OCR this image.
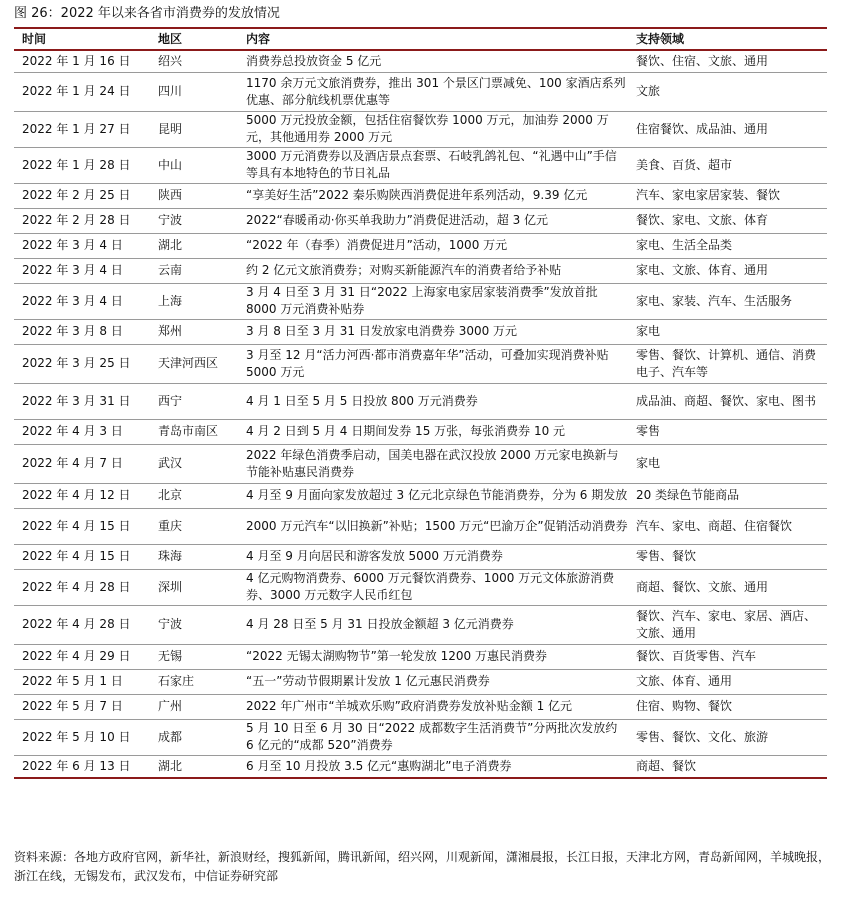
图 26：2022 年以来各省市消费券的发放情况
时间	地区	内容	支持领域
2022 年 1 月 16 日	绍兴	消费券总投放资金 5 亿元	餐饮、住宿、文旅、通用
2022 年 1 月 24 日	四川	1170 余万元文旅消费券，推出 301 个景区门票减免、100 家酒店系列优惠、部分航线机票优惠等	文旅
2022 年 1 月 27 日	昆明	5000 万元投放金额，包括住宿餐饮券 1000 万元，加油券 2000 万元，其他通用券 2000 万元	住宿餐饮、成品油、通用
2022 年 1 月 28 日	中山	3000 万元消费券以及酒店景点套票、石岐乳鸽礼包、“礼遇中山”手信等具有本地特色的节日礼品	美食、百货、超市
2022 年 2 月 25 日	陕西	“享美好生活”2022 秦乐购陕西消费促进年系列活动，9.39 亿元	汽车、家电家居家装、餐饮
2022 年 2 月 28 日	宁波	2022“春暖甬动·你买单我助力”消费促进活动，超 3 亿元	餐饮、家电、文旅、体育
2022 年 3 月 4 日	湖北	“2022 年（春季）消费促进月”活动，1000 万元	家电、生活全品类
2022 年 3 月 4 日	云南	约 2 亿元文旅消费券；对购买新能源汽车的消费者给予补贴	家电、文旅、体育、通用
2022 年 3 月 4 日	上海	3 月 4 日至 3 月 31 日“2022 上海家电家居家装消费季”发放首批 8000 万元消费补贴券	家电、家装、汽车、生活服务
2022 年 3 月 8 日	郑州	3 月 8 日至 3 月 31 日发放家电消费券 3000 万元	家电
2022 年 3 月 25 日	天津河西区	3 月至 12 月“活力河西·都市消费嘉年华”活动，可叠加实现消费补贴 5000 万元	零售、餐饮、计算机、通信、消费电子、汽车等
2022 年 3 月 31 日	西宁	4 月 1 日至 5 月 5 日投放 800 万元消费券	成品油、商超、餐饮、家电、图书
2022 年 4 月 3 日	青岛市南区	4 月 2 日到 5 月 4 日期间发券 15 万张，每张消费券 10 元	零售
2022 年 4 月 7 日	武汉	2022 年绿色消费季启动，国美电器在武汉投放 2000 万元家电换新与节能补贴惠民消费券	家电
2022 年 4 月 12 日	北京	4 月至 9 月面向家发放超过 3 亿元北京绿色节能消费券，分为 6 期发放	20 类绿色节能商品
2022 年 4 月 15 日	重庆	2000 万元汽车“以旧换新”补贴；1500 万元“巴渝万企”促销活动消费券	汽车、家电、商超、住宿餐饮
2022 年 4 月 15 日	珠海	4 月至 9 月向居民和游客发放 5000 万元消费券	零售、餐饮
2022 年 4 月 28 日	深圳	4 亿元购物消费券、6000 万元餐饮消费券、1000 万元文体旅游消费券、3000 万元数字人民币红包	商超、餐饮、文旅、通用
2022 年 4 月 28 日	宁波	4 月 28 日至 5 月 31 日投放金额超 3 亿元消费券	餐饮、汽车、家电、家居、酒店、文旅、通用
2022 年 4 月 29 日	无锡	“2022 无锡太湖购物节”第一轮发放 1200 万惠民消费券	餐饮、百货零售、汽车
2022 年 5 月 1 日	石家庄	“五一”劳动节假期累计发放 1 亿元惠民消费券	文旅、体育、通用
2022 年 5 月 7 日	广州	2022 年广州市“羊城欢乐购”政府消费券发放补贴金额 1 亿元	住宿、购物、餐饮
2022 年 5 月 10 日	成都	5 月 10 日至 6 月 30 日“2022 成都数字生活消费节”分两批次发放约 6 亿元的“成都 520”消费券	零售、餐饮、文化、旅游
2022 年 6 月 13 日	湖北	6 月至 10 月投放 3.5 亿元“惠购湖北”电子消费券	商超、餐饮
资料来源：各地方政府官网，新华社，新浪财经，搜狐新闻，腾讯新闻，绍兴网，川观新闻，潇湘晨报，长江日报，天津北方网，青岛新闻网，羊城晚报，浙江在线，无锡发布，武汉发布，中信证券研究部
